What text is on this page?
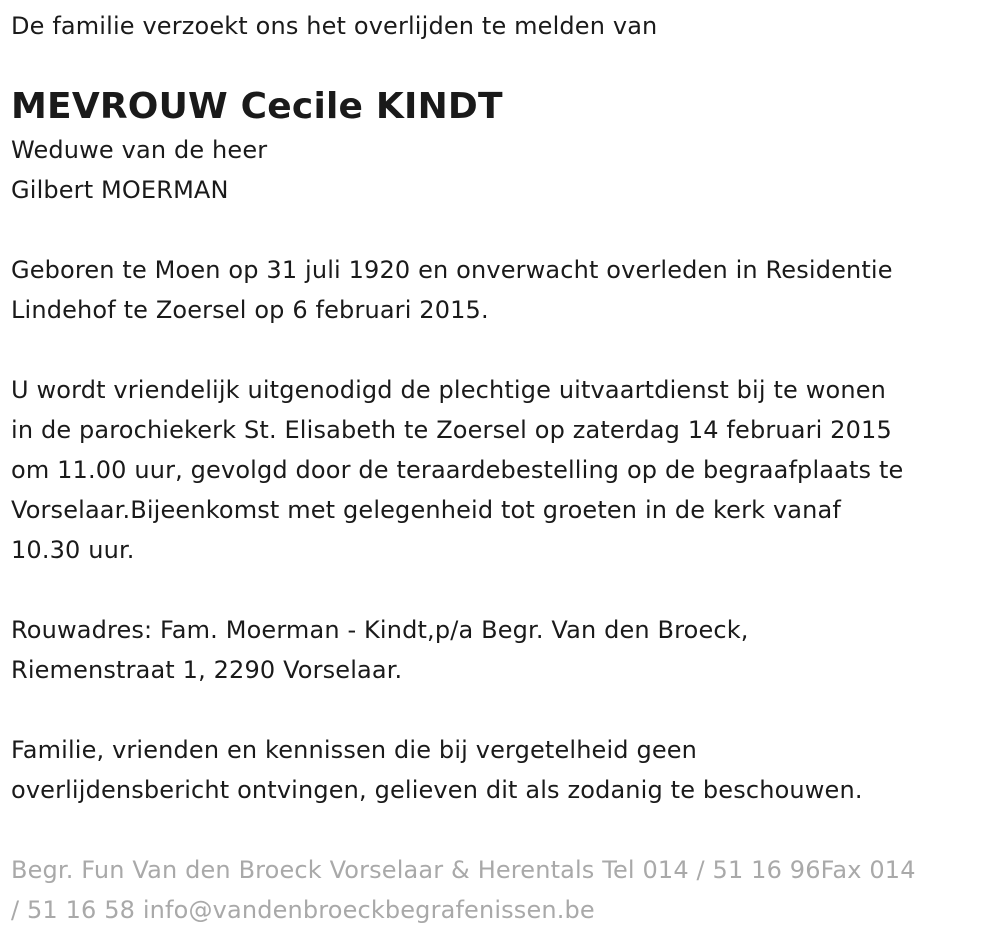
De familie verzoekt ons het overlijden te melden van
MEVROUW Cecile KINDT
Weduwe van de heer
Gilbert MOERMAN
Geboren te Moen op 31 juli 1920 en onverwacht overleden in Residentie
Lindehof te Zoersel op 6 februari 2015.
U wordt vriendelijk uitgenodigd de plechtige uitvaartdienst bij te wonen
in de parochiekerk St. Elisabeth te Zoersel op zaterdag 14 februari 2015
om 11.00 uur, gevolgd door de teraardebestelling op de begraafplaats te
Vorselaar.Bijeenkomst met gelegenheid tot groeten in de kerk vanaf
10.30 uur.
Rouwadres: Fam. Moerman - Kindt,p/a Begr. Van den Broeck,
Riemenstraat 1, 2290 Vorselaar.
Familie, vrienden en kennissen die bij vergetelheid geen
overlijdensbericht ontvingen, gelieven dit als zodanig te beschouwen.
Begr. Fun Van den Broeck Vorselaar & Herentals Tel 014 / 51 16 96Fax 014
/ 51 16 58 info@vandenbroeckbegrafenissen.be
